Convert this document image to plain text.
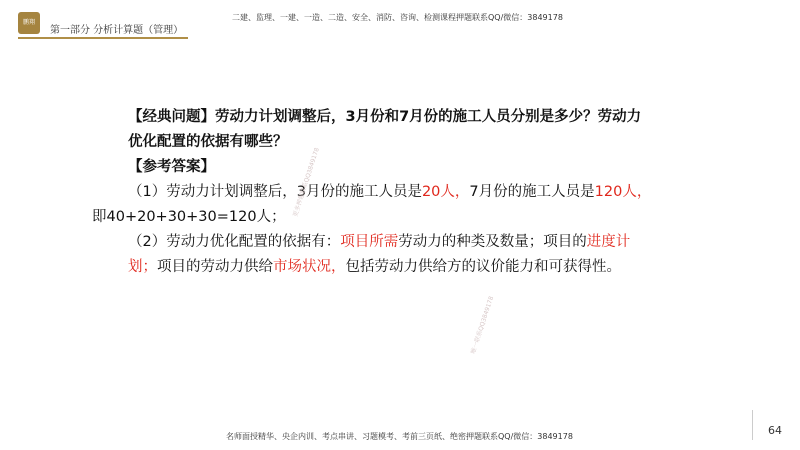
鹏翔
第一部分 分析计算题（管理）
二建、监理、一建、一造、二造、安全、消防、咨询、检测课程押题联系QQ/微信：3849178

【经典问题】劳动力计划调整后，3月份和7月份的施工人员分别是多少？劳动力优化配置的依据有哪些？

【参考答案】

（1）劳动力计划调整后，3月份的施工人员是20人，7月份的施工人员是120人，

即40+20+30+30=120人；

（2）劳动力优化配置的依据有：项目所需劳动力的种类及数量；项目的进度计划；项目的劳动力供给市场状况，包括劳动力供给方的议价能力和可获得性。

更多押题联系QQ3849178
唯一联系QQ3849178
名师面授精华、央企内训、考点串讲、习题模考、考前三页纸、绝密押题联系QQ/微信：3849178	64
